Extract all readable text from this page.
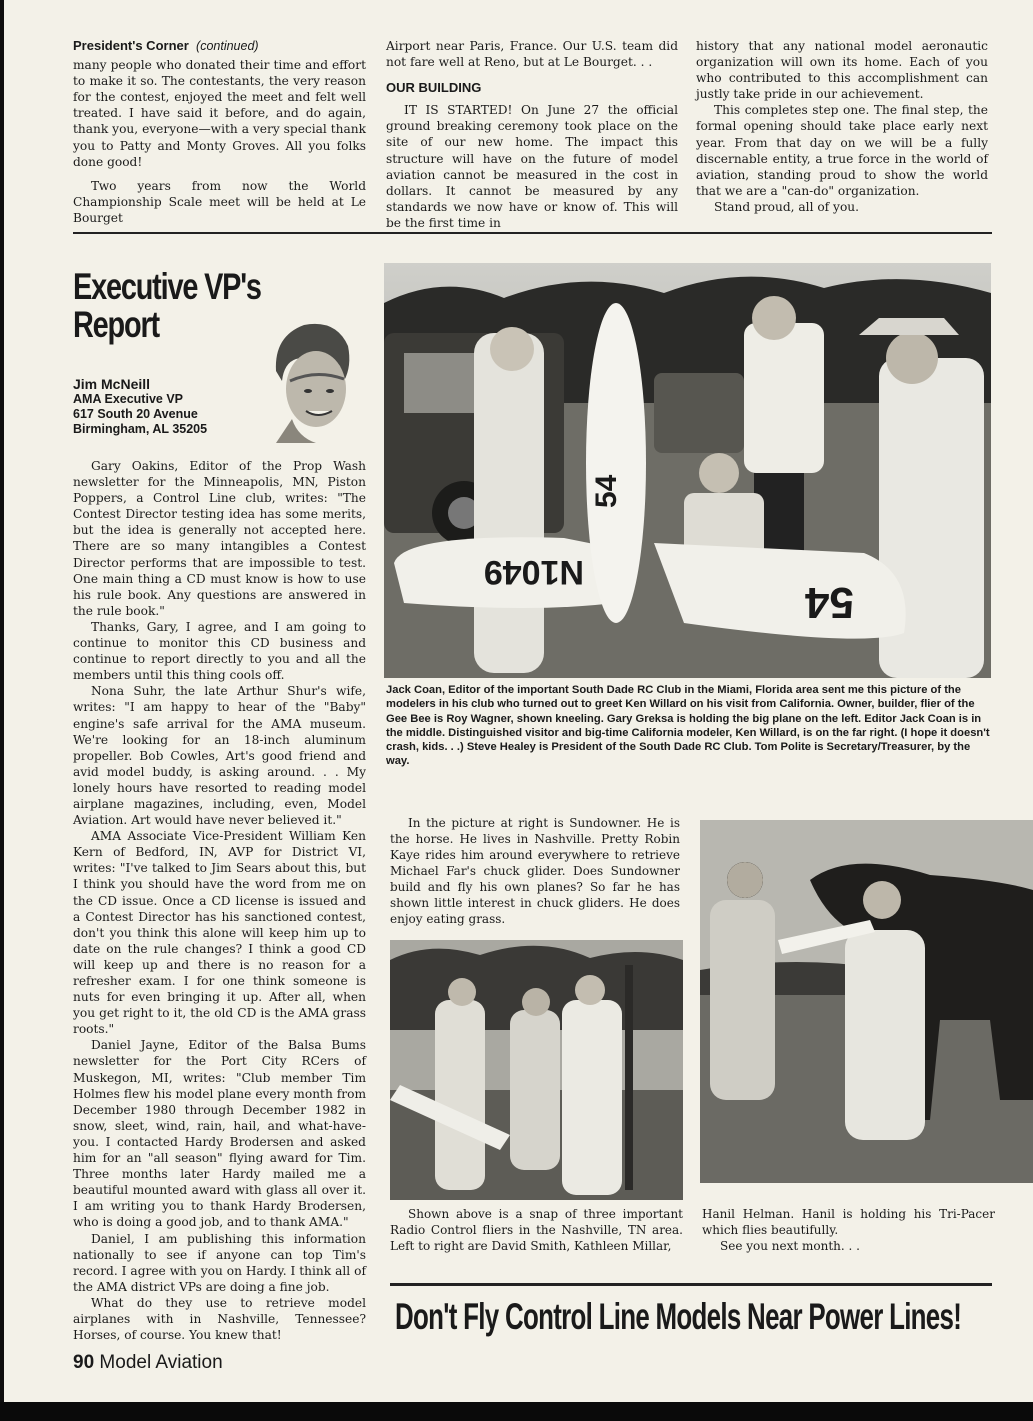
President's Corner (continued)

many people who donated their time and effort to make it so. The contestants, the very reason for the contest, enjoyed the meet and felt well treated. I have said it before, and do again, thank you, everyone—with a very special thank you to Patty and Monty Groves. All you folks done good!

Two years from now the World Championship Scale meet will be held at Le Bourget

Airport near Paris, France. Our U.S. team did not fare well at Reno, but at Le Bourget. . .

OUR BUILDING

IT IS STARTED! On June 27 the official ground breaking ceremony took place on the site of our new home. The impact this structure will have on the future of model aviation cannot be measured in the cost in dollars. It cannot be measured by any standards we now have or know of. This will be the first time in

history that any national model aeronautic organization will own its home. Each of you who contributed to this accomplishment can justly take pride in our achievement.

This completes step one. The final step, the formal opening should take place early next year. From that day on we will be a fully discernable entity, a true force in the world of aviation, standing proud to show the world that we are a "can-do" organization.

Stand proud, all of you.

Executive VP's
Report
Jim McNeill
AMA Executive VP
617 South 20 Avenue
Birmingham, AL 35205

Gary Oakins, Editor of the Prop Wash newsletter for the Minneapolis, MN, Piston Poppers, a Control Line club, writes: "The Contest Director testing idea has some merits, but the idea is generally not accepted here. There are so many intangibles a Contest Director performs that are impossible to test. One main thing a CD must know is how to use his rule book. Any questions are answered in the rule book."

Thanks, Gary, I agree, and I am going to continue to monitor this CD business and continue to report directly to you and all the members until this thing cools off.

Nona Suhr, the late Arthur Shur's wife, writes: "I am happy to hear of the "Baby" engine's safe arrival for the AMA museum. We're looking for an 18-inch aluminum propeller. Bob Cowles, Art's good friend and avid model buddy, is asking around. . . My lonely hours have resorted to reading model airplane magazines, including, even, Model Aviation. Art would have never believed it."

AMA Associate Vice-President William Ken Kern of Bedford, IN, AVP for District VI, writes: "I've talked to Jim Sears about this, but I think you should have the word from me on the CD issue. Once a CD license is issued and a Contest Director has his sanctioned contest, don't you think this alone will keep him up to date on the rule changes? I think a good CD will keep up and there is no reason for a refresher exam. I for one think someone is nuts for even bringing it up. After all, when you get right to it, the old CD is the AMA grass roots."

Daniel Jayne, Editor of the Balsa Bums newsletter for the Port City RCers of Muskegon, MI, writes: "Club member Tim Holmes flew his model plane every month from December 1980 through December 1982 in snow, sleet, wind, rain, hail, and what-have-you. I contacted Hardy Brodersen and asked him for an "all season" flying award for Tim. Three months later Hardy mailed me a beautiful mounted award with glass all over it. I am writing you to thank Hardy Brodersen, who is doing a good job, and to thank AMA."

Daniel, I am publishing this information nationally to see if anyone can top Tim's record. I agree with you on Hardy. I think all of the AMA district VPs are doing a fine job.

What do they use to retrieve model airplanes with in Nashville, Tennessee? Horses, of course. You knew that!

N1049
54
54
Jack Coan, Editor of the important South Dade RC Club in the Miami, Florida area sent me this picture of the modelers in his club who turned out to greet Ken Willard on his visit from California. Owner, builder, flier of the Gee Bee is Roy Wagner, shown kneeling. Gary Greksa is holding the big plane on the left. Editor Jack Coan is in the middle. Distinguished visitor and big-time California modeler, Ken Willard, is on the far right. (I hope it doesn't crash, kids. . .) Steve Healey is President of the South Dade RC Club. Tom Polite is Secretary/Treasurer, by the way.

In the picture at right is Sundowner. He is the horse. He lives in Nashville. Pretty Robin Kaye rides him around everywhere to retrieve Michael Far's chuck glider. Does Sundowner build and fly his own planes? So far he has shown little interest in chuck gliders. He does enjoy eating grass.

Shown above is a snap of three important Radio Control fliers in the Nashville, TN area. Left to right are David Smith, Kathleen Millar,

Hanil Helman. Hanil is holding his Tri-Pacer which flies beautifully.

See you next month. . .

Don't Fly Control Line Models Near Power Lines!
90 Model Aviation
